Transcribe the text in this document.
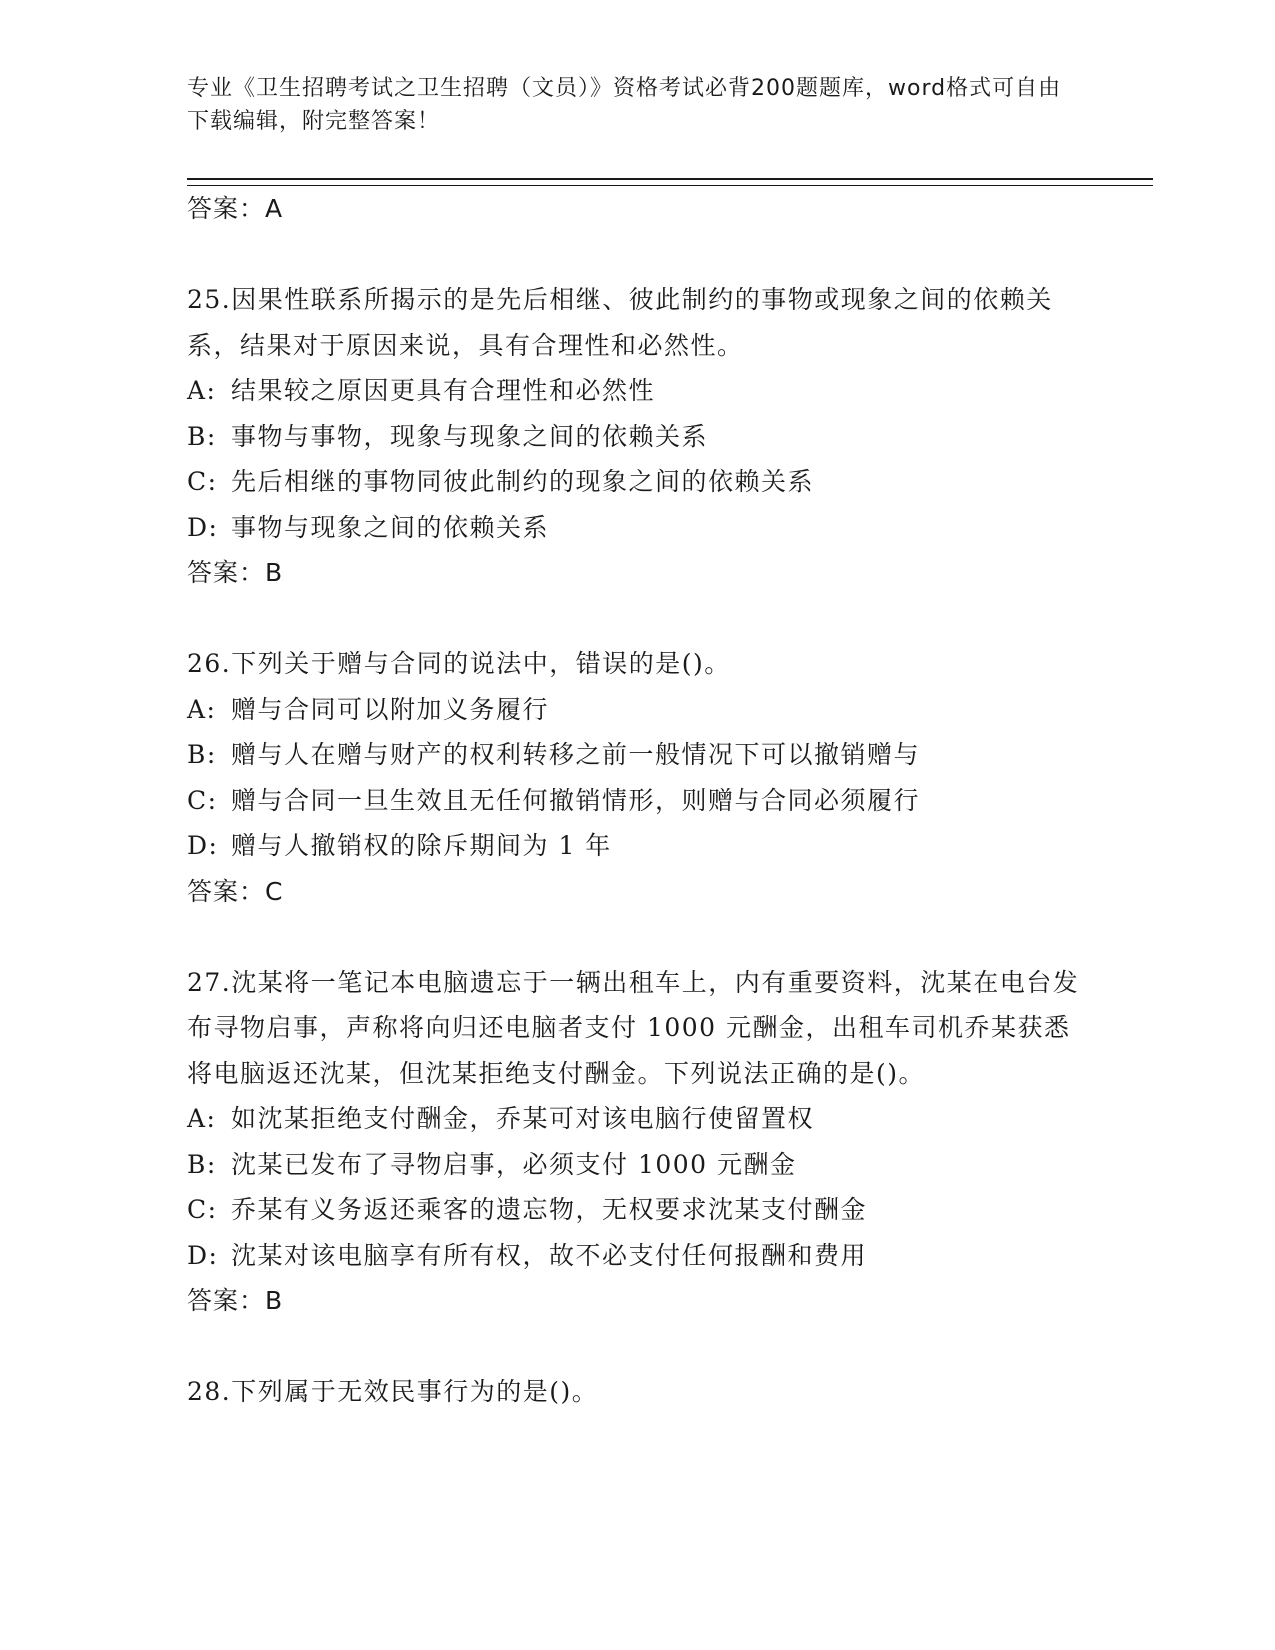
专业《卫生招聘考试之卫生招聘（文员）》资格考试必背200题题库，word格式可自由下载编辑，附完整答案！
答案：A
25.因果性联系所揭示的是先后相继、彼此制约的事物或现象之间的依赖关系，结果对于原因来说，具有合理性和必然性。
A: 结果较之原因更具有合理性和必然性
B: 事物与事物，现象与现象之间的依赖关系
C: 先后相继的事物同彼此制约的现象之间的依赖关系
D: 事物与现象之间的依赖关系
答案：B
26.下列关于赠与合同的说法中，错误的是()。
A: 赠与合同可以附加义务履行
B: 赠与人在赠与财产的权利转移之前一般情况下可以撤销赠与
C: 赠与合同一旦生效且无任何撤销情形，则赠与合同必须履行
D: 赠与人撤销权的除斥期间为 1 年
答案：C
27.沈某将一笔记本电脑遗忘于一辆出租车上，内有重要资料，沈某在电台发布寻物启事，声称将向归还电脑者支付 1000 元酬金，出租车司机乔某获悉将电脑返还沈某，但沈某拒绝支付酬金。下列说法正确的是()。
A: 如沈某拒绝支付酬金，乔某可对该电脑行使留置权
B: 沈某已发布了寻物启事，必须支付 1000 元酬金
C: 乔某有义务返还乘客的遗忘物，无权要求沈某支付酬金
D: 沈某对该电脑享有所有权，故不必支付任何报酬和费用
答案：B
28.下列属于无效民事行为的是()。
